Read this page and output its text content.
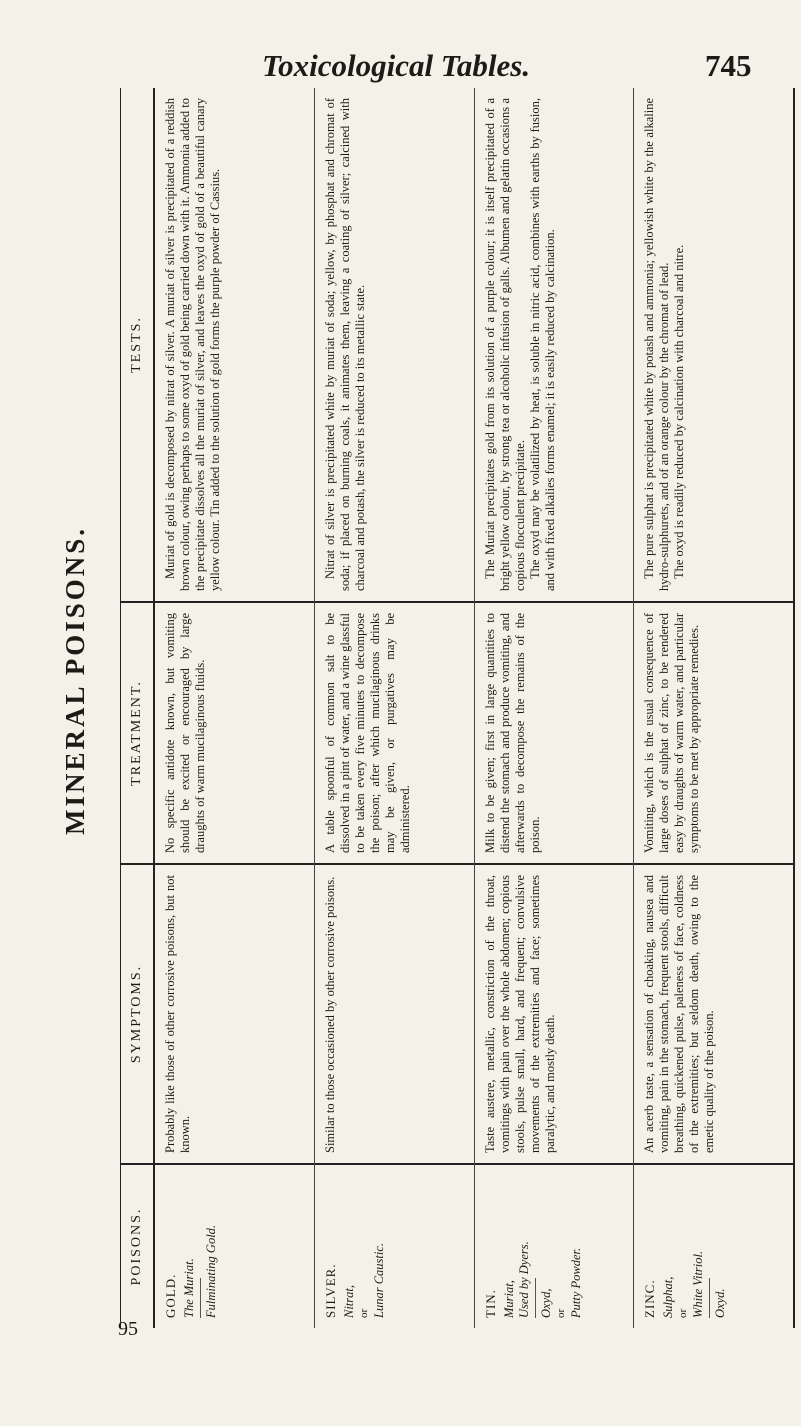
Toxicological Tables.	745
MINERAL POISONS.
POISONS.
SYMPTOMS.
TREATMENT.
TESTS.
GOLD. The Muriat. Fulminating Gold.
Probably like those of other corrosive poisons, but not known.
No specific antidote known, but vomiting should be excited or encouraged by large draughts of warm mucilaginous fluids.

Muriat of gold is decomposed by nitrat of silver. A muriat of silver is precipitated of a reddish brown colour, owing perhaps to some oxyd of gold being carried down with it. Ammonia added to the precipitate dissolves all the muriat of silver, and leaves the oxyd of gold of a beautiful canary yellow colour. Tin added to the solution of gold forms the purple powder of Cassius.

SILVER. Nitrat, or Lunar Caustic.
Similar to those occasioned by other corrosive poisons.
A table spoonful of common salt to be dissolved in a pint of water, and a wine glassful to be taken every five minutes to decompose the poison; after which mucilaginous drinks may be given, or purgatives may be administered.

Nitrat of silver is precipitated white by muriat of soda; yellow, by phosphat and chromat of soda; if placed on burning coals, it animates them, leaving a coating of silver; calcined with charcoal and potash, the silver is reduced to its metallic state.

TIN. Muriat, Used by Dyers. Oxyd, or Putty Powder.
Taste austere, metallic, constriction of the throat, vomitings with pain over the whole abdomen; copious stools, pulse small, hard, and frequent; convulsive movements of the extremities and face; sometimes paralytic, and mostly death.
Milk to be given; first in large quantities to distend the stomach and produce vomiting, and afterwards to decompose the remains of the poison.

The Muriat precipitates gold from its solution of a purple colour; it is itself precipitated of a bright yellow colour, by strong tea or alcoholic infusion of galls. Albumen and gelatin occasions a copious flocculent precipitate. The oxyd may be volatilized by heat, is soluble in nitric acid, combines with earths by fusion, and with fixed alkalies forms enamel; it is easily reduced by calcination.

ZINC. Sulphat, or White Vitriol. Oxyd.
An acerb taste, a sensation of choaking, nausea and vomiting, pain in the stomach, frequent stools, difficult breathing, quickened pulse, paleness of face, coldness of the extremities; but seldom death, owing to the emetic quality of the poison.
Vomiting, which is the usual consequence of large doses of sulphat of zinc, to be rendered easy by draughts of warm water, and particular symptoms to be met by appropriate remedies.

The pure sulphat is precipitated white by potash and ammonia; yellowish white by the alkaline hydro-sulphurets, and of an orange colour by the chromat of lead. The oxyd is readily reduced by calcination with charcoal and nitre.

95
